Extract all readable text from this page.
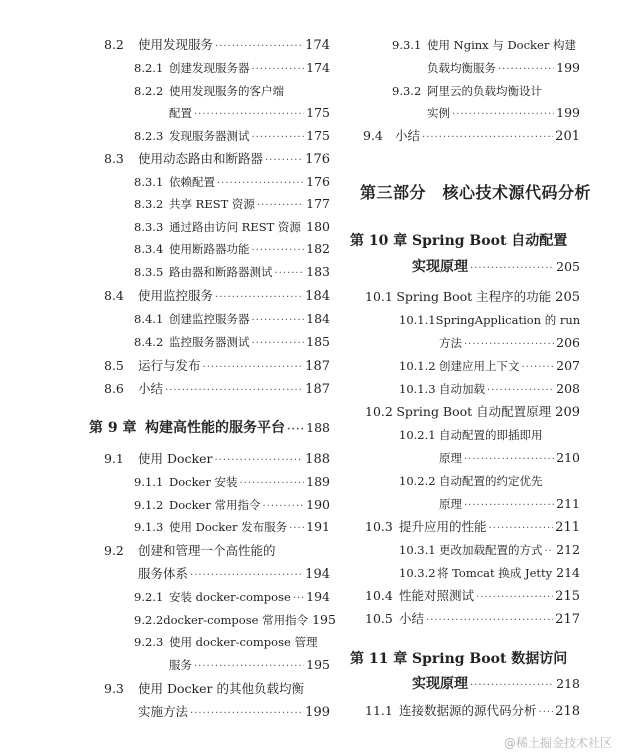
8.2	使用发现服务 ·····	174
8.2.1 创建发现服务器 ·····	174
8.2.2 使用发现服务的客户端
配置 ·····	175
8.2.3 发现服务器测试 ·····	175
8.3	使用动态路由和断路器 ·····	176
8.3.1 依赖配置 ·····	176
8.3.2 共享 REST 资源 ·····	177
8.3.3 通过路由访问 REST 资源 ····· 180
8.3.4 使用断路器功能 ·····	182
8.3.5 路由器和断路器测试 ·····	183
8.4	使用监控服务 ·····	184
8.4.1 创建监控服务器 ·····	184
8.4.2 监控服务器测试 ·····	185
8.5	运行与发布 ·····	187
8.6	小结 ·····	187
第 9 章 构建高性能的服务平台 ····· 188
9.1	使用 Docker ·····	188
9.1.1 Docker 安装 ·····	189
9.1.2 Docker 常用指令 ·····	190
9.1.3 使用 Docker 发布服务 ····· 191
9.2	创建和管理一个高性能的
服务体系 ·····	194
9.2.1 安装 docker-compose ····· 194
9.2.2 docker-compose 常用指令 195
9.2.3 使用 docker-compose 管理
服务 ·····	195
9.3	使用 Docker 的其他负载均衡
实施方法 ·····	199
9.3.1 使用 Nginx 与 Docker 构建
负载均衡服务 ·····	199
9.3.2 阿里云的负载均衡设计
实例 ·····	199
9.4 小结 ·····	201
第三部分　核心技术源代码分析
第 10 章 Spring Boot 自动配置
实现原理 ·····	205
10.1 Spring Boot 主程序的功能 205
10.1.1 SpringApplication 的 run
方法 ·····	206
10.1.2 创建应用上下文 ·····	207
10.1.3 自动加载 ·····	208
10.2 Spring Boot 自动配置原理 209
10.2.1 自动配置的即插即用
原理 ·····	210
10.2.2 自动配置的约定优先
原理 ·····	211
10.3 提升应用的性能 ·····	211
10.3.1 更改加载配置的方式 ····· 212
10.3.2 将 Tomcat 换成 Jetty 214
10.4 性能对照测试 ·····	215
10.5 小结 ·····	217
第 11 章 Spring Boot 数据访问
实现原理 ·····	218
11.1 连接数据源的源代码分析 ····· 218
@稀土掘金技术社区
